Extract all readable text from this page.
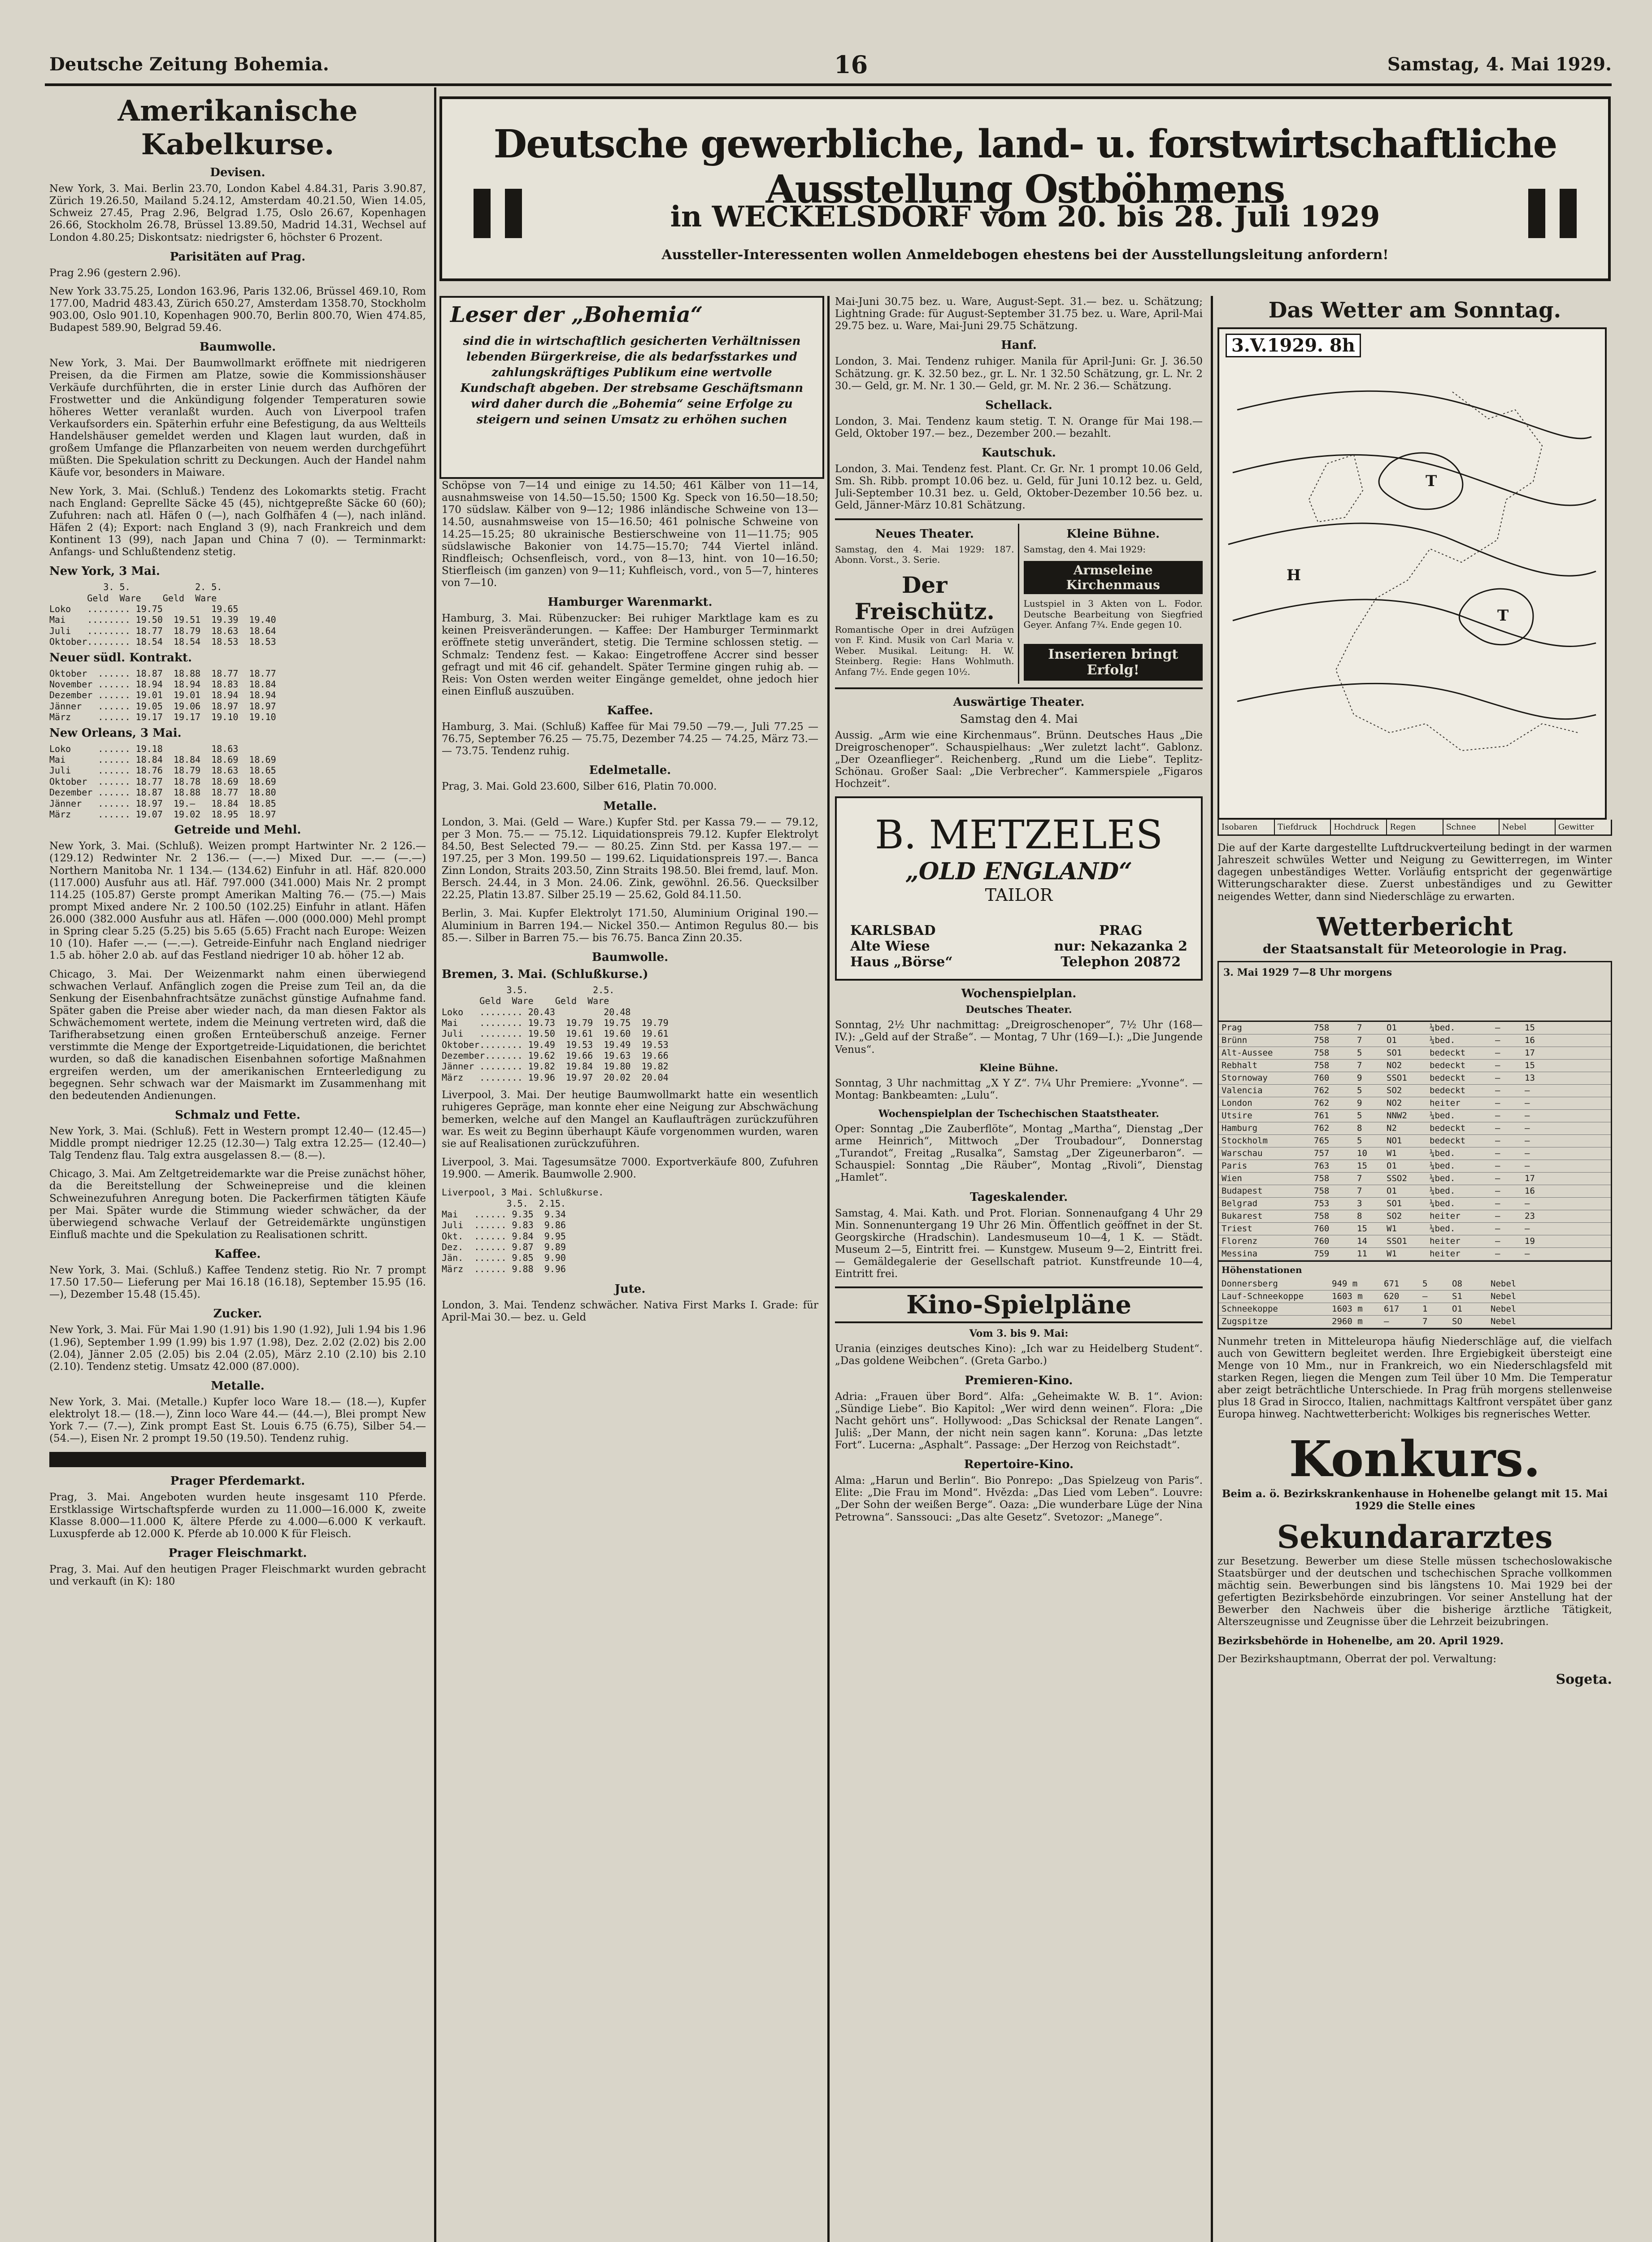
Deutsche Zeitung Bohemia.	16	Samstag, 4. Mai 1929.
Amerikanische Kabelkurse.
Devisen.

New York, 3. Mai. Berlin 23.70, London Kabel 4.84.31, Paris 3.90.87, Zürich 19.26.50, Mailand 5.24.12, Amsterdam 40.21.50, Wien 14.05, Schweiz 27.45, Prag 2.96, Belgrad 1.75, Oslo 26.67, Kopenhagen 26.66, Stockholm 26.78, Brüssel 13.89.50, Madrid 14.31, Wechsel auf London 4.80.25; Diskontsatz: niedrigster 6, höchster 6 Prozent.

Parisitäten auf Prag.

Prag 2.96 (gestern 2.96).

New York 33.75.25, London 163.96, Paris 132.06, Brüssel 469.10, Rom 177.00, Madrid 483.43, Zürich 650.27, Amsterdam 1358.70, Stockholm 903.00, Oslo 901.10, Kopenhagen 900.70, Berlin 800.70, Wien 474.85, Budapest 589.90, Belgrad 59.46.

Baumwolle.

New York, 3. Mai. Der Baumwollmarkt eröffnete mit niedrigeren Preisen, da die Firmen am Platze, sowie die Kommissionshäuser Verkäufe durchführten, die in erster Linie durch das Aufhören der Frostwetter und die Ankündigung folgender Temperaturen sowie höheres Wetter veranlaßt wurden. Auch von Liverpool trafen Verkaufsorders ein. Späterhin erfuhr eine Befestigung, da aus Weltteils Handelshäuser gemeldet werden und Klagen laut wurden, daß in großem Umfange die Pflanzarbeiten von neuem werden durchgeführt müßten. Die Spekulation schritt zu Deckungen. Auch der Handel nahm Käufe vor, besonders in Maiware.

New York, 3. Mai. (Schluß.) Tendenz des Lokomarkts stetig. Fracht nach England: Geprellte Säcke 45 (45), nichtgepreßte Säcke 60 (60); Zufuhren: nach atl. Häfen 0 (—), nach Golfhäfen 4 (—), nach inländ. Häfen 2 (4); Export: nach England 3 (9), nach Frankreich und dem Kontinent 13 (99), nach Japan und China 7 (0). — Terminmarkt: Anfangs- und Schlußtendenz stetig.

New York, 3 Mai.
3. 5.            2. 5.
Geld  Ware    Geld  Ware
Loko   ........ 19.75         19.65
Mai    ........ 19.50  19.51  19.39  19.40
Juli   ........ 18.77  18.79  18.63  18.64
Oktober........ 18.54  18.54  18.53  18.53
Neuer südl. Kontrakt.
Oktober  ...... 18.87  18.88  18.77  18.77
November ...... 18.94  18.94  18.83  18.84
Dezember ...... 19.01  19.01  18.94  18.94
Jänner   ...... 19.05  19.06  18.97  18.97
März     ...... 19.17  19.17  19.10  19.10
New Orleans, 3 Mai.
Loko     ...... 19.18         18.63
Mai      ...... 18.84  18.84  18.69  18.69
Juli     ...... 18.76  18.79  18.63  18.65
Oktober  ...... 18.77  18.78  18.69  18.69
Dezember ...... 18.87  18.88  18.77  18.80
Jänner   ...... 18.97  19.—   18.84  18.85
März     ...... 19.07  19.02  18.95  18.97
Getreide und Mehl.

New York, 3. Mai. (Schluß). Weizen prompt Hartwinter Nr. 2 126.— (129.12) Redwinter Nr. 2 136.— (—.—) Mixed Dur. —.— (—.—) Northern Manitoba Nr. 1 134.— (134.62) Einfuhr in atl. Häf. 820.000 (117.000) Ausfuhr aus atl. Häf. 797.000 (341.000) Mais Nr. 2 prompt 114.25 (105.87) Gerste prompt Amerikan Malting 76.— (75.—) Mais prompt Mixed andere Nr. 2 100.50 (102.25) Einfuhr in atlant. Häfen 26.000 (382.000 Ausfuhr aus atl. Häfen —.000 (000.000) Mehl prompt in Spring clear 5.25 (5.25) bis 5.65 (5.65) Fracht nach Europe: Weizen 10 (10). Hafer —.— (—.—). Getreide-Einfuhr nach England niedriger 1.5 ab. höher 2.0 ab. auf das Festland niedriger 10 ab. höher 12 ab.

Chicago, 3. Mai. Der Weizenmarkt nahm einen überwiegend schwachen Verlauf. Anfänglich zogen die Preise zum Teil an, da die Senkung der Eisenbahnfrachtsätze zunächst günstige Aufnahme fand. Später gaben die Preise aber wieder nach, da man diesen Faktor als Schwächemoment wertete, indem die Meinung vertreten wird, daß die Tarifherabsetzung einen großen Ernteüberschuß anzeige. Ferner verstimmte die Menge der Exportgetreide-Liquidationen, die berichtet wurden, so daß die kanadischen Eisenbahnen sofortige Maßnahmen ergreifen werden, um der amerikanischen Ernteerledigung zu begegnen. Sehr schwach war der Maismarkt im Zusammenhang mit den bedeutenden Andienungen.

Schmalz und Fette.

New York, 3. Mai. (Schluß). Fett in Western prompt 12.40— (12.45—) Middle prompt niedriger 12.25 (12.30—) Talg extra 12.25— (12.40—) Talg Tendenz flau. Talg extra ausgelassen 8.— (8.—).

Chicago, 3. Mai. Am Zeltgetreidemarkte war die Preise zunächst höher, da die Bereitstellung der Schweinepreise und die kleinen Schweinezufuhren Anregung boten. Die Packerfirmen tätigten Käufe per Mai. Später wurde die Stimmung wieder schwächer, da der überwiegend schwache Verlauf der Getreidemärkte ungünstigen Einfluß machte und die Spekulation zu Realisationen schritt.

Kaffee.

New York, 3. Mai. (Schluß.) Kaffee Tendenz stetig. Rio Nr. 7 prompt 17.50 17.50— Lieferung per Mai 16.18 (16.18), September 15.95 (16.—), Dezember 15.48 (15.45).

Zucker.

New York, 3. Mai. Für Mai 1.90 (1.91) bis 1.90 (1.92), Juli 1.94 bis 1.96 (1.96), September 1.99 (1.99) bis 1.97 (1.98), Dez. 2.02 (2.02) bis 2.00 (2.04), Jänner 2.05 (2.05) bis 2.04 (2.05), März 2.10 (2.10) bis 2.10 (2.10). Tendenz stetig. Umsatz 42.000 (87.000).

Metalle.

New York, 3. Mai. (Metalle.) Kupfer loco Ware 18.— (18.—), Kupfer elektrolyt 18.— (18.—), Zinn loco Ware 44.— (44.—), Blei prompt New York 7.— (7.—), Zink prompt East St. Louis 6.75 (6.75), Silber 54.— (54.—), Eisen Nr. 2 prompt 19.50 (19.50). Tendenz ruhig.

Prager Pferdemarkt.

Prag, 3. Mai. Angeboten wurden heute insgesamt 110 Pferde. Erstklassige Wirtschaftspferde wurden zu 11.000—16.000 K, zweite Klasse 8.000—11.000 K, ältere Pferde zu 4.000—6.000 K verkauft. Luxuspferde ab 12.000 K. Pferde ab 10.000 K für Fleisch.

Prager Fleischmarkt.

Prag, 3. Mai. Auf den heutigen Prager Fleischmarkt wurden gebracht und verkauft (in K): 180

Deutsche gewerbliche, land- u. forstwirtschaftliche Ausstellung Ostböhmens
in WECKELSDORF vom 20. bis 28. Juli 1929
Aussteller-Interessenten wollen Anmeldebogen ehestens bei der Ausstellungsleitung anfordern!
Leser der „Bohemia“
sind die in wirtschaftlich gesicherten Verhältnissen lebenden Bürgerkreise, die als bedarfsstarkes und zahlungskräftiges Publikum eine wertvolle Kundschaft abgeben. Der strebsame Geschäftsmann wird daher durch die „Bohemia“ seine Erfolge zu steigern und seinen Umsatz zu erhöhen suchen

Schöpse von 7—14 und einige zu 14.50; 461 Kälber von 11—14, ausnahmsweise von 14.50—15.50; 1500 Kg. Speck von 16.50—18.50; 170 südslaw. Kälber von 9—12; 1986 inländische Schweine von 13—14.50, ausnahmsweise von 15—16.50; 461 polnische Schweine von 14.25—15.25; 80 ukrainische Bestierschweine von 11—11.75; 905 südslawische Bakonier von 14.75—15.70; 744 Viertel inländ. Rindfleisch; Ochsenfleisch, vord., von 8—13, hint. von 10—16.50; Stierfleisch (im ganzen) von 9—11; Kuhfleisch, vord., von 5—7, hinteres von 7—10.

Hamburger Warenmarkt.

Hamburg, 3. Mai. Rübenzucker: Bei ruhiger Marktlage kam es zu keinen Preisveränderungen. — Kaffee: Der Hamburger Terminmarkt eröffnete stetig unverändert, stetig. Die Termine schlossen stetig. — Schmalz: Tendenz fest. — Kakao: Eingetroffene Accrer sind besser gefragt und mit 46 cif. gehandelt. Später Termine gingen ruhig ab. — Reis: Von Osten werden weiter Eingänge gemeldet, ohne jedoch hier einen Einfluß auszuüben.

Kaffee.

Hamburg, 3. Mai. (Schluß) Kaffee für Mai 79.50 —79.—, Juli 77.25 — 76.75, September 76.25 — 75.75, Dezember 74.25 — 74.25, März 73.— — 73.75. Tendenz ruhig.

Edelmetalle.

Prag, 3. Mai. Gold 23.600, Silber 616, Platin 70.000.

Metalle.

London, 3. Mai. (Geld — Ware.) Kupfer Std. per Kassa 79.— — 79.12, per 3 Mon. 75.— — 75.12. Liquidationspreis 79.12. Kupfer Elektrolyt 84.50, Best Selected 79.— — 80.25. Zinn Std. per Kassa 197.— — 197.25, per 3 Mon. 199.50 — 199.62. Liquidationspreis 197.—. Banca Zinn London, Straits 203.50, Zinn Straits 198.50. Blei fremd, lauf. Mon. Bersch. 24.44, in 3 Mon. 24.06. Zink, gewöhnl. 26.56. Quecksilber 22.25, Platin 13.87. Silber 25.19 — 25.62, Gold 84.11.50.

Berlin, 3. Mai. Kupfer Elektrolyt 171.50, Aluminium Original 190.— Aluminium in Barren 194.— Nickel 350.— Antimon Regulus 80.— bis 85.—. Silber in Barren 75.— bis 76.75. Banca Zinn 20.35.

Baumwolle.
Bremen, 3. Mai. (Schlußkurse.)
3.5.            2.5.
Geld  Ware    Geld  Ware
Loko   ........ 20.43         20.48
Mai    ........ 19.73  19.79  19.75  19.79
Juli   ........ 19.50  19.61  19.60  19.61
Oktober........ 19.49  19.53  19.49  19.53
Dezember....... 19.62  19.66  19.63  19.66
Jänner ........ 19.82  19.84  19.80  19.82
März   ........ 19.96  19.97  20.02  20.04

Liverpool, 3. Mai. Der heutige Baumwollmarkt hatte ein wesentlich ruhigeres Gepräge, man konnte eher eine Neigung zur Abschwächung bemerken, welche auf den Mangel an Kauflaufträgen zurückzuführen war. Es weit zu Beginn überhaupt Käufe vorgenommen wurden, waren sie auf Realisationen zurückzuführen.

Liverpool, 3. Mai. Tagesumsätze 7000. Exportverkäufe 800, Zufuhren 19.900. — Amerik. Baumwolle 2.900.

Liverpool, 3 Mai. Schlußkurse.
3.5.  2.15.
Mai   ...... 9.35  9.34
Juli  ...... 9.83  9.86
Okt.  ...... 9.84  9.95
Dez.  ...... 9.87  9.89
Jän.  ...... 9.85  9.90
März  ...... 9.88  9.96
Jute.

London, 3. Mai. Tendenz schwächer. Nativa First Marks I. Grade: für April-Mai 30.— bez. u. Geld

Mai-Juni 30.75 bez. u. Ware, August-Sept. 31.— bez. u. Schätzung; Lightning Grade: für August-September 31.75 bez. u. Ware, April-Mai 29.75 bez. u. Ware, Mai-Juni 29.75 Schätzung.

Hanf.

London, 3. Mai. Tendenz ruhiger. Manila für April-Juni: Gr. J. 36.50 Schätzung. gr. K. 32.50 bez., gr. L. Nr. 1 32.50 Schätzung, gr. L. Nr. 2 30.— Geld, gr. M. Nr. 1 30.— Geld, gr. M. Nr. 2 36.— Schätzung.

Schellack.

London, 3. Mai. Tendenz kaum stetig. T. N. Orange für Mai 198.— Geld, Oktober 197.— bez., Dezember 200.— bezahlt.

Kautschuk.

London, 3. Mai. Tendenz fest. Plant. Cr. Gr. Nr. 1 prompt 10.06 Geld, Sm. Sh. Ribb. prompt 10.06 bez. u. Geld, für Juni 10.12 bez. u. Geld, Juli-September 10.31 bez. u. Geld, Oktober-Dezember 10.56 bez. u. Geld, Jänner-März 10.81 Schätzung.

Neues Theater.

Samstag, den 4. Mai 1929: 187. Abonn. Vorst., 3. Serie.

Der Freischütz.

Romantische Oper in drei Aufzügen von F. Kind. Musik von Carl Maria v. Weber. Musikal. Leitung: H. W. Steinberg. Regie: Hans Wohlmuth. Anfang 7½. Ende gegen 10½.

Kleine Bühne.

Samstag, den 4. Mai 1929:

Armseleine Kirchenmaus

Lustspiel in 3 Akten von L. Fodor. Deutsche Bearbeitung von Siegfried Geyer. Anfang 7¾. Ende gegen 10.

Inserieren bringt Erfolg!
Auswärtige Theater.
Samstag den 4. Mai

Aussig. „Arm wie eine Kirchenmaus“. Brünn. Deutsches Haus „Die Dreigroschenoper“. Schauspielhaus: „Wer zuletzt lacht“. Gablonz. „Der Ozeanflieger“. Reichenberg. „Rund um die Liebe“. Teplitz-Schönau. Großer Saal: „Die Verbrecher“. Kammerspiele „Figaros Hochzeit“.

B. METZELES
„OLD ENGLAND“
TAILOR
KARLSBAD
Alte Wiese
Haus „Börse“
PRAG
nur: Nekazanka 2
Telephon 20872
Wochenspielplan.
Deutsches Theater.

Sonntag, 2½ Uhr nachmittag: „Dreigroschenoper“, 7½ Uhr (168—IV.): „Geld auf der Straße“. — Montag, 7 Uhr (169—I.): „Die Jungende Venus“.

Kleine Bühne.

Sonntag, 3 Uhr nachmittag „X Y Z“. 7¼ Uhr Premiere: „Yvonne“. — Montag: Bankbeamten: „Lulu“.

Wochenspielplan der Tschechischen Staatstheater.

Oper: Sonntag „Die Zauberflöte“, Montag „Martha“, Dienstag „Der arme Heinrich“, Mittwoch „Der Troubadour“, Donnerstag „Turandot“, Freitag „Rusalka“, Samstag „Der Zigeunerbaron“. — Schauspiel: Sonntag „Die Räuber“, Montag „Rivoli“, Dienstag „Hamlet“.

Tageskalender.

Samstag, 4. Mai. Kath. und Prot. Florian. Sonnenaufgang 4 Uhr 29 Min. Sonnenuntergang 19 Uhr 26 Min. Öffentlich geöffnet in der St. Georgskirche (Hradschin). Landesmuseum 10—4, 1 K. — Städt. Museum 2—5, Eintritt frei. — Kunstgew. Museum 9—2, Eintritt frei. — Gemäldegalerie der Gesellschaft patriot. Kunstfreunde 10—4, Eintritt frei.

Kino-Spielpläne
Vom 3. bis 9. Mai:

Urania (einziges deutsches Kino): „Ich war zu Heidelberg Student“. „Das goldene Weibchen“. (Greta Garbo.)

Premieren-Kino.

Adria: „Frauen über Bord“. Alfa: „Geheimakte W. B. 1“. Avion: „Sündige Liebe“. Bio Kapitol: „Wer wird denn weinen“. Flora: „Die Nacht gehört uns“. Hollywood: „Das Schicksal der Renate Langen“. Juliš: „Der Mann, der nicht nein sagen kann“. Koruna: „Das letzte Fort“. Lucerna: „Asphalt“. Passage: „Der Herzog von Reichstadt“.

Repertoire-Kino.

Alma: „Harun und Berlin“. Bio Ponrepo: „Das Spielzeug von Paris“. Elite: „Die Frau im Mond“. Hvězda: „Das Lied vom Leben“. Louvre: „Der Sohn der weißen Berge“. Oaza: „Die wunderbare Lüge der Nina Petrowna“. Sanssouci: „Das alte Gesetz“. Svetozor: „Manege“.

Das Wetter am Sonntag.
3.V.1929. 8h
T
T
H
Isobaren	Tiefdruck	Hochdruck	Regen	Schnee	Nebel	Gewitter

Die auf der Karte dargestellte Luftdruckverteilung bedingt in der warmen Jahreszeit schwüles Wetter und Neigung zu Gewitterregen, im Winter dagegen unbeständiges Wetter. Vorläufig entspricht der gegenwärtige Witterungscharakter diese. Zuerst unbeständiges und zu Gewitter neigendes Wetter, dann sind Niederschläge zu erwarten.

Wetterbericht
der Staatsanstalt für Meteorologie in Prag.
3. Mai 1929 7—8 Uhr morgens
Prag	758	7	O1	¼bed.	—	15
Brünn	758	7	O1	¼bed.	—	16
Alt-Aussee	758	5	SO1	bedeckt	—	17
Rebhalt	758	7	NO2	bedeckt	—	15
Stornoway	760	9	SSO1	bedeckt	—	13
Valencia	762	5	SO2	bedeckt	—	—
London	762	9	NO2	heiter	—	—
Utsire	761	5	NNW2	¼bed.	—	—
Hamburg	762	8	N2	bedeckt	—	—
Stockholm	765	5	NO1	bedeckt	—	—
Warschau	757	10	W1	¼bed.	—	—
Paris	763	15	O1	¼bed.	—	—
Wien	758	7	SSO2	¼bed.	—	17
Budapest	758	7	O1	¼bed.	—	16
Belgrad	753	3	SO1	¼bed.	—	—
Bukarest	758	8	SO2	heiter	—	23
Triest	760	15	W1	¼bed.	—	—
Florenz	760	14	SSO1	heiter	—	19
Messina	759	11	W1	heiter	—	—
Höhenstationen
Donnersberg	949 m	671	5	O8	Nebel
Lauf-Schneekoppe	1603 m	620	—	S1	Nebel
Schneekoppe	1603 m	617	1	O1	Nebel
Zugspitze	2960 m	—	7	SO	Nebel

Nunmehr treten in Mitteleuropa häufig Niederschläge auf, die vielfach auch von Gewittern begleitet werden. Ihre Ergiebigkeit übersteigt eine Menge von 10 Mm., nur in Frankreich, wo ein Niederschlagsfeld mit starken Regen, liegen die Mengen zum Teil über 10 Mm. Die Temperatur aber zeigt beträchtliche Unterschiede. In Prag früh morgens stellenweise plus 18 Grad in Sirocco, Italien, nachmittags Kaltfront verspätet über ganz Europa hinweg. Nachtwetterbericht: Wolkiges bis regnerisches Wetter.

Konkurs.

Beim a. ö. Bezirkskrankenhause in Hohenelbe gelangt mit 15. Mai 1929 die Stelle eines

Sekundararztes

zur Besetzung. Bewerber um diese Stelle müssen tschechoslowakische Staatsbürger und der deutschen und tschechischen Sprache vollkommen mächtig sein. Bewerbungen sind bis längstens 10. Mai 1929 bei der gefertigten Bezirksbehörde einzubringen. Vor seiner Anstellung hat der Bewerber den Nachweis über die bisherige ärztliche Tätigkeit, Alterszeugnisse und Zeugnisse über die Lehrzeit beizubringen.

Bezirksbehörde in Hohenelbe, am 20. April 1929.

Der Bezirkshauptmann, Oberrat der pol. Verwaltung:

Sogeta.
